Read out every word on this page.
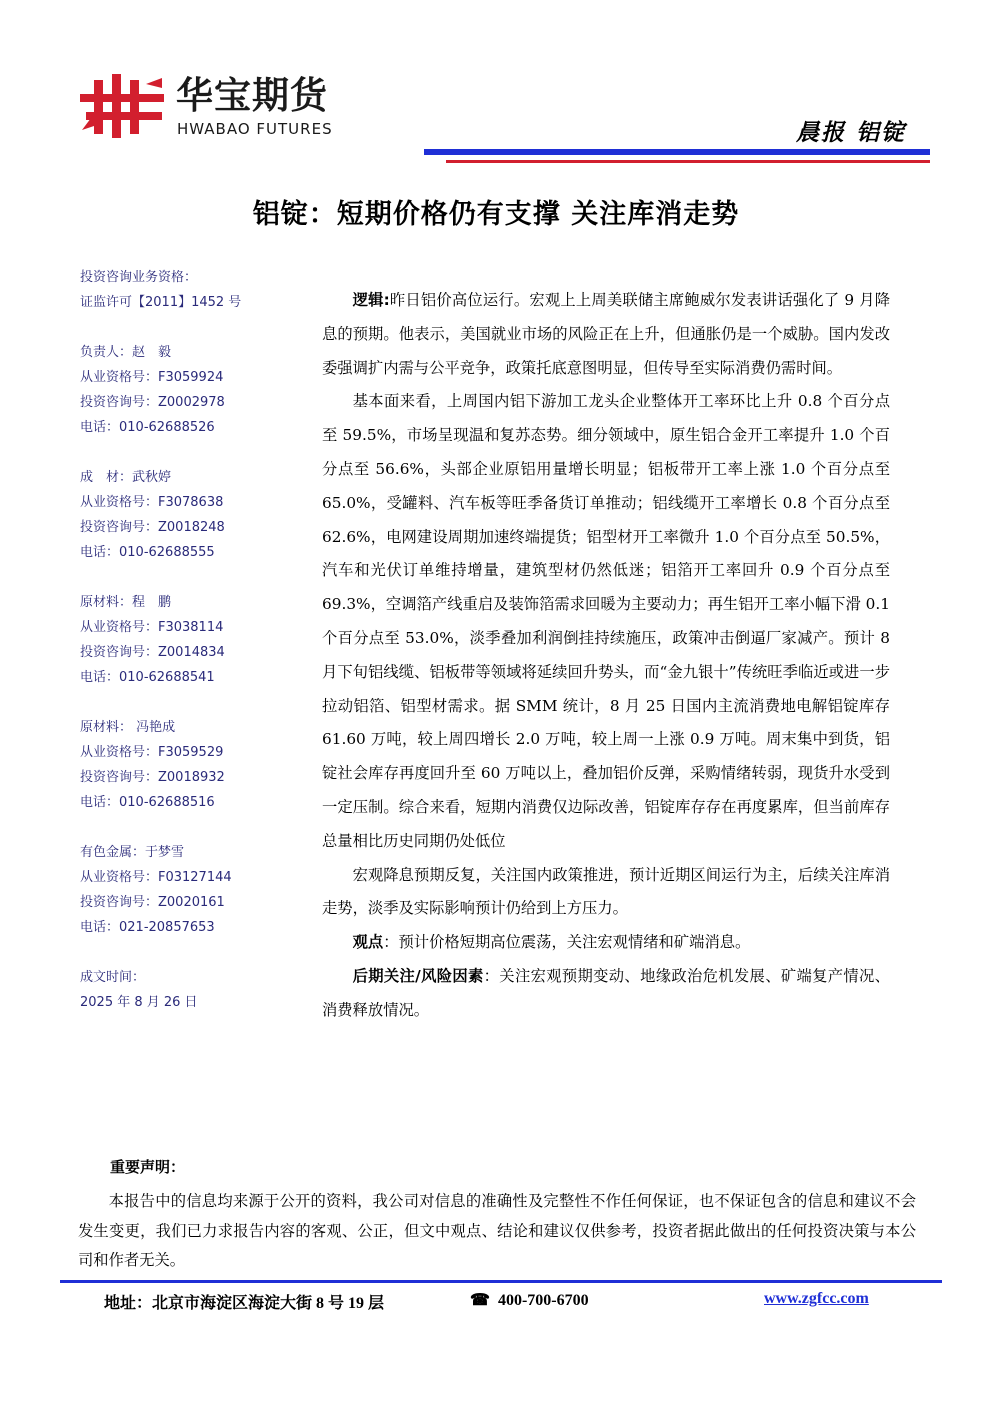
华宝期货
HWABAO FUTURES	晨报 铝锭
铝锭：短期价格仍有支撑 关注库消走势
投资咨询业务资格：
证监许可【2011】1452 号
负责人：赵　毅
从业资格号：F3059924
投资咨询号：Z0002978
电话：010-62688526
成　材：武秋婷
从业资格号：F3078638
投资咨询号：Z0018248
电话：010-62688555
原材料：程　鹏
从业资格号：F3038114
投资咨询号：Z0014834
电话：010-62688541
原材料： 冯艳成
从业资格号：F3059529
投资咨询号：Z0018932
电话：010-62688516
有色金属：于梦雪
从业资格号：F03127144
投资咨询号：Z0020161
电话：021-20857653
成文时间：
2025 年 8 月 26 日

逻辑:昨日铝价高位运行。宏观上上周美联储主席鲍威尔发表讲话强化了 9 月降息的预期。他表示，美国就业市场的风险正在上升，但通胀仍是一个威胁。国内发改委强调扩内需与公平竞争，政策托底意图明显，但传导至实际消费仍需时间。

基本面来看，上周国内铝下游加工龙头企业整体开工率环比上升 0.8 个百分点至 59.5%，市场呈现温和复苏态势。细分领域中，原生铝合金开工率提升 1.0 个百分点至 56.6%，头部企业原铝用量增长明显；铝板带开工率上涨 1.0 个百分点至 65.0%，受罐料、汽车板等旺季备货订单推动；铝线缆开工率增长 0.8 个百分点至 62.6%，电网建设周期加速终端提货；铝型材开工率微升 1.0 个百分点至 50.5%，汽车和光伏订单维持增量，建筑型材仍然低迷；铝箔开工率回升 0.9 个百分点至 69.3%，空调箔产线重启及装饰箔需求回暖为主要动力；再生铝开工率小幅下滑 0.1 个百分点至 53.0%，淡季叠加利润倒挂持续施压，政策冲击倒逼厂家减产。预计 8 月下旬铝线缆、铝板带等领域将延续回升势头，而“金九银十”传统旺季临近或进一步拉动铝箔、铝型材需求。据 SMM 统计，8 月 25 日国内主流消费地电解铝锭库存 61.60 万吨，较上周四增长 2.0 万吨，较上周一上涨 0.9 万吨。周末集中到货，铝锭社会库存再度回升至 60 万吨以上，叠加铝价反弹，采购情绪转弱，现货升水受到一定压制。综合来看，短期内消费仅边际改善，铝锭库存存在再度累库，但当前库存总量相比历史同期仍处低位

宏观降息预期反复，关注国内政策推进，预计近期区间运行为主，后续关注库消走势，淡季及实际影响预计仍给到上方压力。

观点：预计价格短期高位震荡，关注宏观情绪和矿端消息。

后期关注/风险因素：关注宏观预期变动、地缘政治危机发展、矿端复产情况、消费释放情况。

重要声明：

本报告中的信息均来源于公开的资料，我公司对信息的准确性及完整性不作任何保证，也不保证包含的信息和建议不会发生变更，我们已力求报告内容的客观、公正，但文中观点、结论和建议仅供参考，投资者据此做出的任何投资决策与本公司和作者无关。

地址：北京市海淀区海淀大街 8 号 19 层	☎ 400-700-6700	www.zgfcc.com
